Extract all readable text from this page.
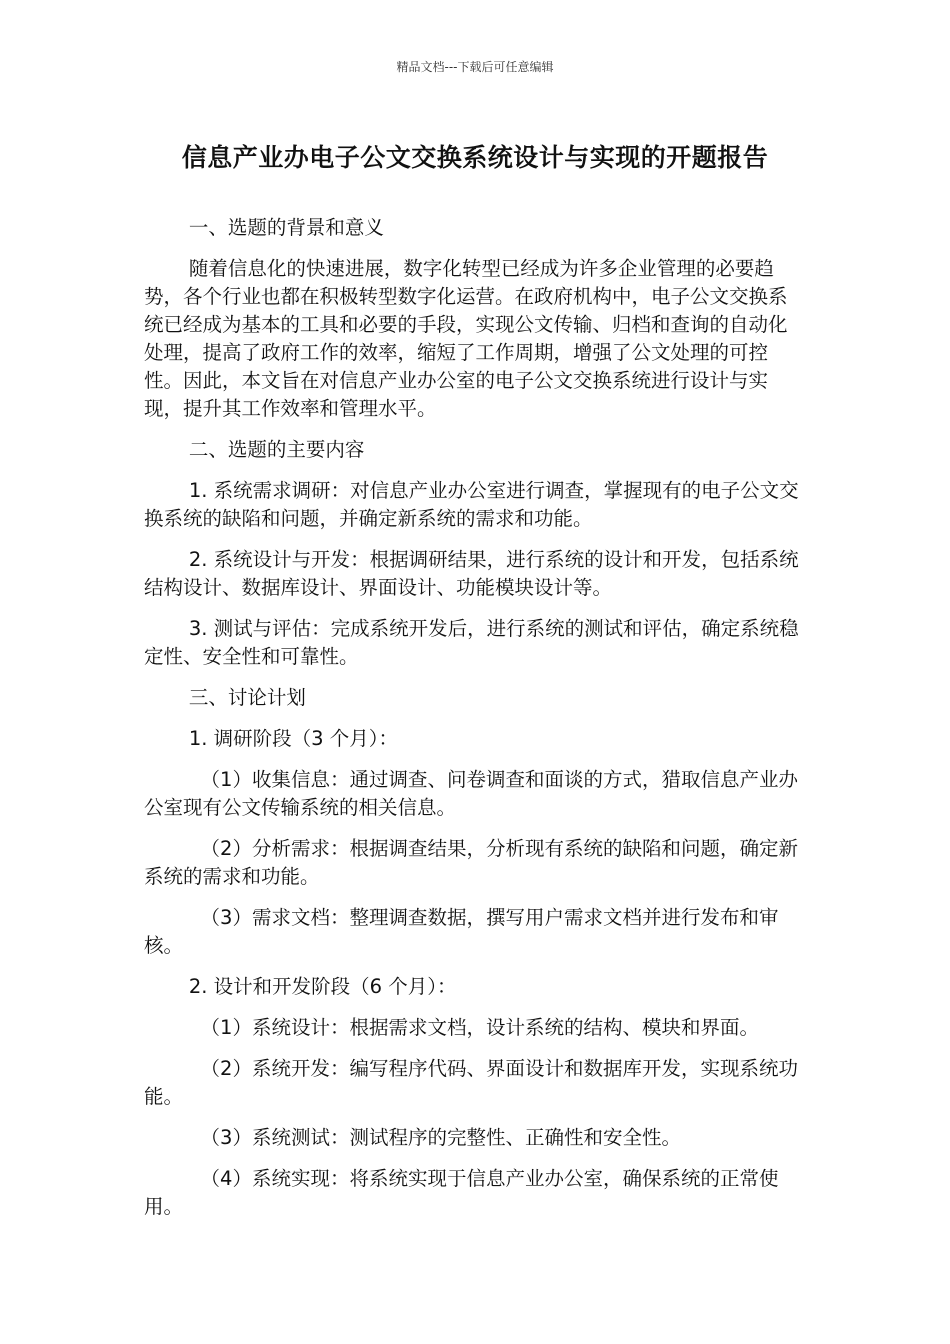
精品文档---下载后可任意编辑
信息产业办电子公文交换系统设计与实现的开题报告

一、选题的背景和意义

随着信息化的快速进展，数字化转型已经成为许多企业管理的必要趋势，各个行业也都在积极转型数字化运营。在政府机构中，电子公文交换系统已经成为基本的工具和必要的手段，实现公文传输、归档和查询的自动化处理，提高了政府工作的效率，缩短了工作周期，增强了公文处理的可控性。因此，本文旨在对信息产业办公室的电子公文交换系统进行设计与实现，提升其工作效率和管理水平。

二、选题的主要内容

1. 系统需求调研：对信息产业办公室进行调查，掌握现有的电子公文交换系统的缺陷和问题，并确定新系统的需求和功能。

2. 系统设计与开发：根据调研结果，进行系统的设计和开发，包括系统结构设计、数据库设计、界面设计、功能模块设计等。

3. 测试与评估：完成系统开发后，进行系统的测试和评估，确定系统稳定性、安全性和可靠性。

三、讨论计划

1. 调研阶段（3 个月）：

（1）收集信息：通过调查、问卷调查和面谈的方式，猎取信息产业办公室现有公文传输系统的相关信息。

（2）分析需求：根据调查结果，分析现有系统的缺陷和问题，确定新系统的需求和功能。

（3）需求文档：整理调查数据，撰写用户需求文档并进行发布和审核。

2. 设计和开发阶段（6 个月）：

（1）系统设计：根据需求文档，设计系统的结构、模块和界面。

（2）系统开发：编写程序代码、界面设计和数据库开发，实现系统功能。

（3）系统测试：测试程序的完整性、正确性和安全性。

（4）系统实现：将系统实现于信息产业办公室，确保系统的正常使用。
